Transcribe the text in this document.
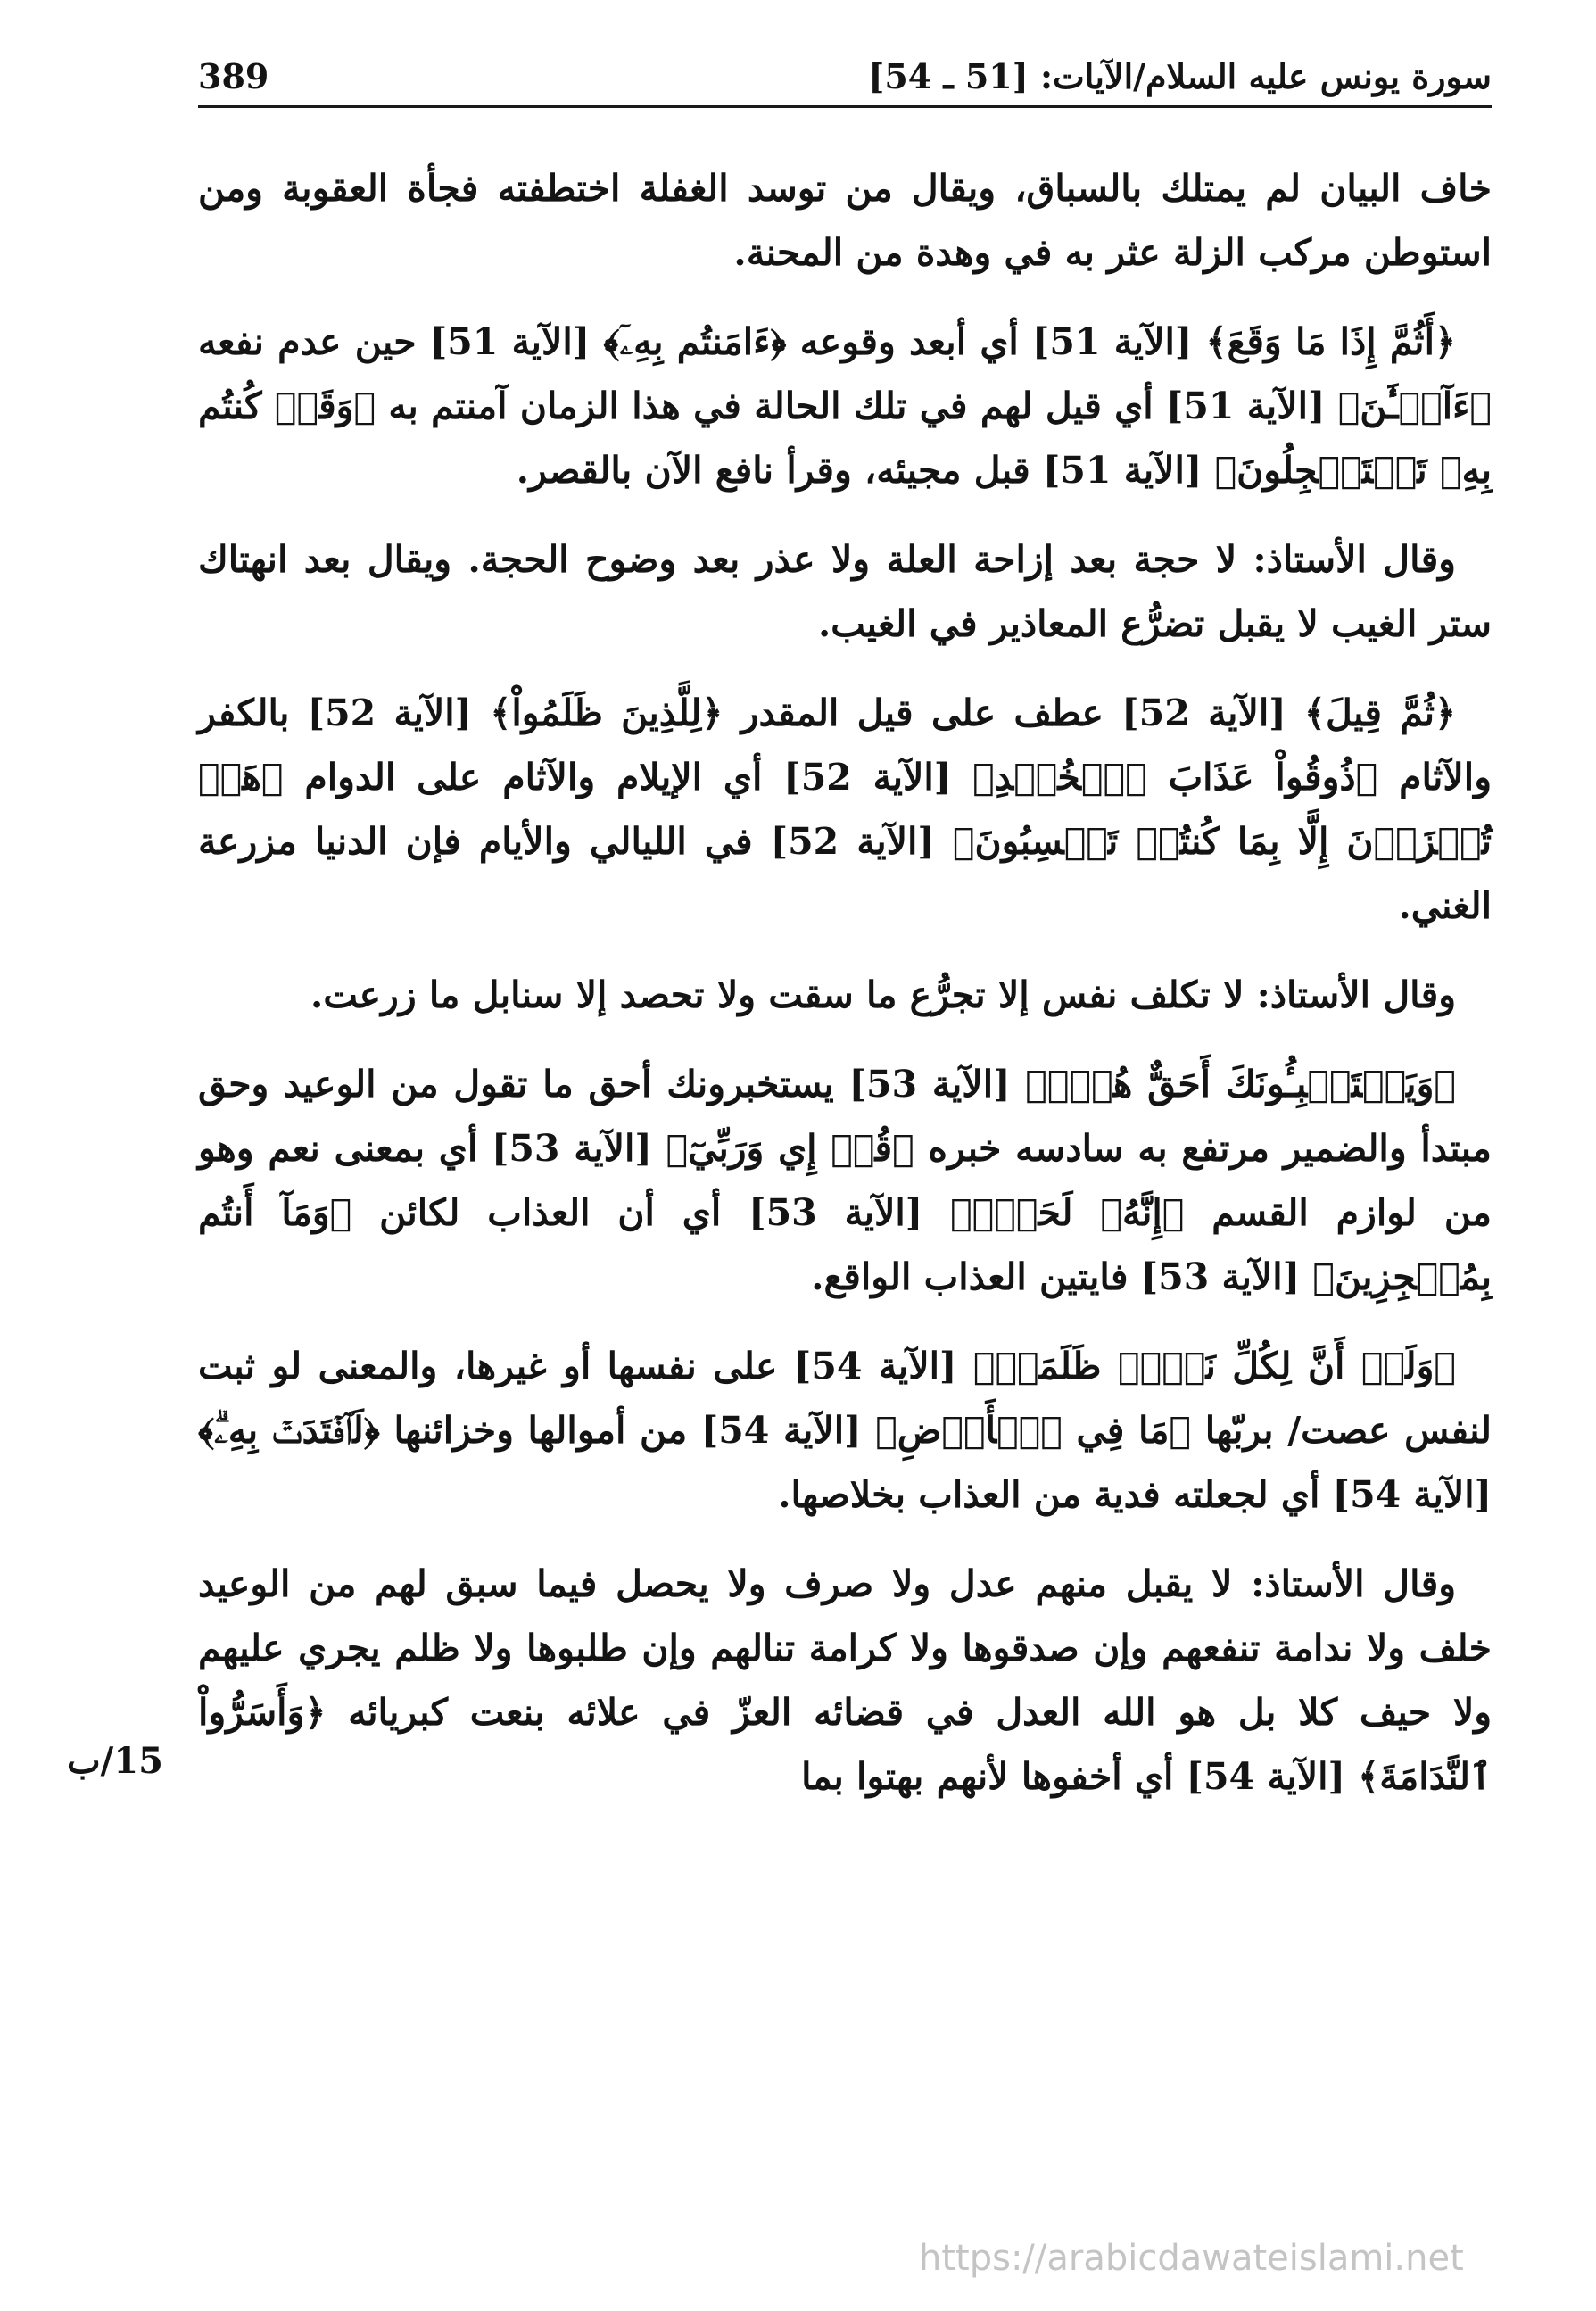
389	سورة يونس عليه السلام/الآيات: [51 ـ 54]

خاف البيان لم يمتلك بالسباق، ويقال من توسد الغفلة اختطفته فجأة العقوبة ومن استوطن مركب الزلة عثر به في وهدة من المحنة.

﴿أَثُمَّ إِذَا مَا وَقَعَ﴾ [الآية 51] أي أبعد وقوعه ﴿ءَامَنتُم بِهِۦٓ﴾ [الآية 51] حين عدم نفعه ﴿ءَآلۡـَٰٔنَ﴾ [الآية 51] أي قيل لهم في تلك الحالة في هذا الزمان آمنتم به ﴿وَقَدۡ كُنتُم بِهِۦ تَسۡتَعۡجِلُونَ﴾ [الآية 51] قبل مجيئه، وقرأ نافع الآن بالقصر.

وقال الأستاذ: لا حجة بعد إزاحة العلة ولا عذر بعد وضوح الحجة. ويقال بعد انهتاك ستر الغيب لا يقبل تضرُّع المعاذير في الغيب.

﴿ثُمَّ قِيلَ﴾ [الآية 52] عطف على قيل المقدر ﴿لِلَّذِينَ ظَلَمُواْ﴾ [الآية 52] بالكفر والآثام ﴿ذُوقُواْ عَذَابَ ٱلۡخُلۡدِ﴾ [الآية 52] أي الإيلام والآثام على الدوام ﴿هَلۡ تُجۡزَوۡنَ إِلَّا بِمَا كُنتُمۡ تَكۡسِبُونَ﴾ [الآية 52] في الليالي والأيام فإن الدنيا مزرعة الغني.

وقال الأستاذ: لا تكلف نفس إلا تجرُّع ما سقت ولا تحصد إلا سنابل ما زرعت.

﴿وَيَسۡتَنۢبِـُٔونَكَ أَحَقٌّ هُوَۖ﴾ [الآية 53] يستخبرونك أحق ما تقول من الوعيد وحق مبتدأ والضمير مرتفع به سادسه خبره ﴿قُلۡ إِي وَرَبِّيٓ﴾ [الآية 53] أي بمعنى نعم وهو من لوازم القسم ﴿إِنَّهُۥ لَحَقّٞ﴾ [الآية 53] أي أن العذاب لكائن ﴿وَمَآ أَنتُم بِمُعۡجِزِينَ﴾ [الآية 53] فايتين العذاب الواقع.

﴿وَلَوۡ أَنَّ لِكُلِّ نَفۡسٖ ظَلَمَتۡ﴾ [الآية 54] على نفسها أو غيرها، والمعنى لو ثبت لنفس عصت/ بربّها ﴿مَا فِي ٱلۡأَرۡضِ﴾ [الآية 54] من أموالها وخزائنها ﴿لَٱفۡتَدَتۡ بِهِۦۗ﴾ [الآية 54] أي لجعلته فدية من العذاب بخلاصها.

وقال الأستاذ: لا يقبل منهم عدل ولا صرف ولا يحصل فيما سبق لهم من الوعيد خلف ولا ندامة تنفعهم وإن صدقوها ولا كرامة تنالهم وإن طلبوها ولا ظلم يجري عليهم ولا حيف كلا بل هو الله العدل في قضائه العزّ في علائه بنعت كبريائه ﴿وَأَسَرُّواْ ٱلنَّدَامَةَ﴾ [الآية 54] أي أخفوها لأنهم بهتوا بما

15/ب
https://arabicdawateislami.net
